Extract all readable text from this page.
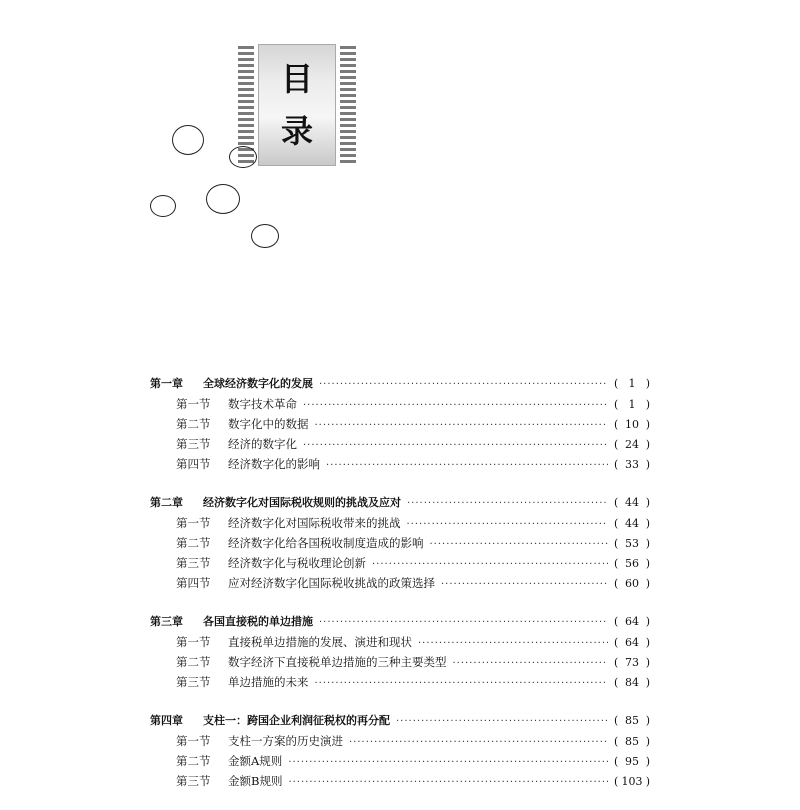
目
录
第一章	全球经济数字化的发展 ·····	( 1 )
第一节	数字技术革命 ·····	( 1 )
第二节	数字化中的数据 ·····	( 10 )
第三节	经济的数字化 ·····	( 24 )
第四节	经济数字化的影响 ·····	( 33 )
第二章	经济数字化对国际税收规则的挑战及应对 ·····	( 44 )
第一节	经济数字化对国际税收带来的挑战 ·····	( 44 )
第二节	经济数字化给各国税收制度造成的影响 ·····	( 53 )
第三节	经济数字化与税收理论创新 ·····	( 56 )
第四节	应对经济数字化国际税收挑战的政策选择 ·····	( 60 )
第三章	各国直接税的单边措施 ·····	( 64 )
第一节	直接税单边措施的发展、演进和现状 ·····	( 64 )
第二节	数字经济下直接税单边措施的三种主要类型 ·····	( 73 )
第三节	单边措施的未来 ·····	( 84 )
第四章	支柱一：跨国企业利润征税权的再分配 ·····	( 85 )
第一节	支柱一方案的历史演进 ·····	( 85 )
第二节	金额A规则 ·····	( 95 )
第三节	金额B规则 ·····	( 103 )
